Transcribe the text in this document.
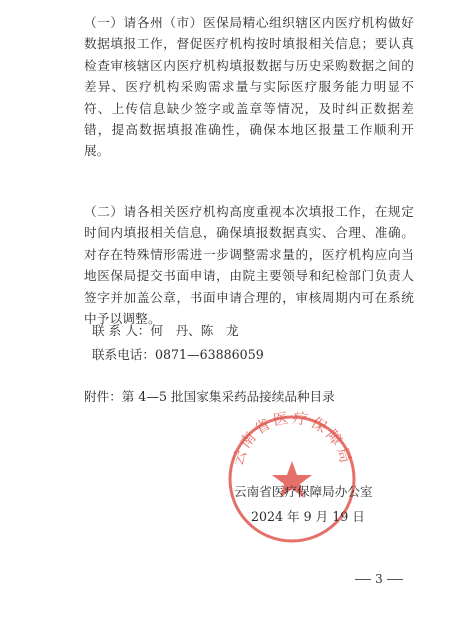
（一）请各州（市）医保局精心组织辖区内医疗机构做好数据填报工作，督促医疗机构按时填报相关信息；要认真检查审核辖区内医疗机构填报数据与历史采购数据之间的差异、医疗机构采购需求量与实际医疗服务能力明显不符、上传信息缺少签字或盖章等情况，及时纠正数据差错，提高数据填报准确性，确保本地区报量工作顺利开展。

（二）请各相关医疗机构高度重视本次填报工作，在规定时间内填报相关信息，确保填报数据真实、合理、准确。对存在特殊情形需进一步调整需求量的，医疗机构应向当地医保局提交书面申请，由院主要领导和纪检部门负责人签字并加盖公章，书面申请合理的，审核周期内可在系统中予以调整。

联 系 人：何　丹、陈　龙
联系电话：0871—63886059
附件：第 4—5 批国家集采药品接续品种目录
云南省医疗保障局
云南省医疗保障局办公室
2024 年 9 月 19 日
3
